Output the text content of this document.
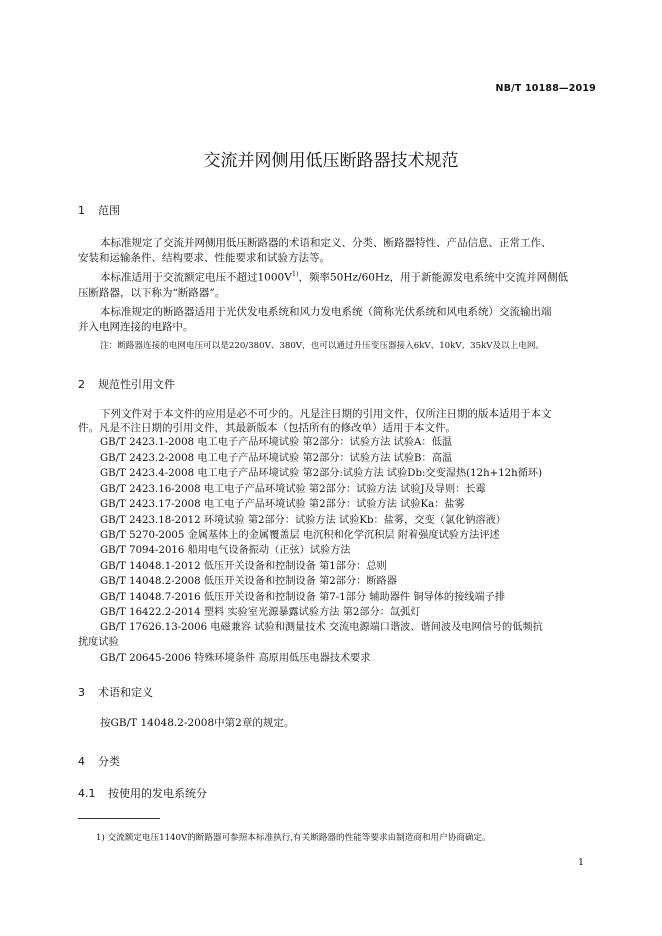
NB/T 10188—2019
交流并网侧用低压断路器技术规范
1 范围
本标准规定了交流并网侧用低压断路器的术语和定义、分类、断路器特性、产品信息、正常工作、
安装和运输条件、结构要求、性能要求和试验方法等。
本标准适用于交流额定电压不超过$1000V^{1)}$，频率50Hz/60Hz，用于新能源发电系统中交流并网侧低
压断路器，以下称为“断路器”。
本标准规定的断路器适用于光伏发电系统和风力发电系统（简称光伏系统和风电系统）交流输出端
并入电网连接的电路中。
注：断路器连接的电网电压可以是220/380V、380V，也可以通过升压变压器接入6kV、10kV、35kV及以上电网。
2 规范性引用文件
下列文件对于本文件的应用是必不可少的。凡是注日期的引用文件，仅所注日期的版本适用于本文
件。凡是不注日期的引用文件，其最新版本（包括所有的修改单）适用于本文件。
GB/T 2423.1-2008 电工电子产品环境试验 第2部分：试验方法 试验A：低温
GB/T 2423.2-2008 电工电子产品环境试验 第2部分：试验方法 试验B：高温
GB/T 2423.4-2008 电工电子产品环境试验 第2部分:试验方法 试验Db:交变湿热(12h+12h循环)
GB/T 2423.16-2008 电工电子产品环境试验 第2部分：试验方法 试验J及导则：长霉
GB/T 2423.17-2008 电工电子产品环境试验 第2部分：试验方法 试验Ka：盐雾
GB/T 2423.18-2012 环境试验 第2部分：试验方法 试验Kb：盐雾，交变（氯化钠溶液）
GB/T 5270-2005 金属基体上的金属覆盖层 电沉积和化学沉积层 附着强度试验方法评述
GB/T 7094-2016 船用电气设备振动（正弦）试验方法
GB/T 14048.1-2012 低压开关设备和控制设备 第1部分：总则
GB/T 14048.2-2008 低压开关设备和控制设备 第2部分：断路器
GB/T 14048.7-2016 低压开关设备和控制设备 第7-1部分 辅助器件 铜导体的接线端子排
GB/T 16422.2-2014 塑料 实验室光源暴露试验方法 第2部分：氙弧灯
GB/T 17626.13-2006 电磁兼容 试验和测量技术 交流电源端口谐波、谐间波及电网信号的低频抗
扰度试验
GB/T 20645-2006 特殊环境条件 高原用低压电器技术要求
3 术语和定义
按GB/T 14048.2-2008中第2章的规定。
4 分类
4.1 按使用的发电系统分
1) 交流额定电压1140V的断路器可参照本标准执行,有关断路器的性能等要求由制造商和用户协商确定。
1
